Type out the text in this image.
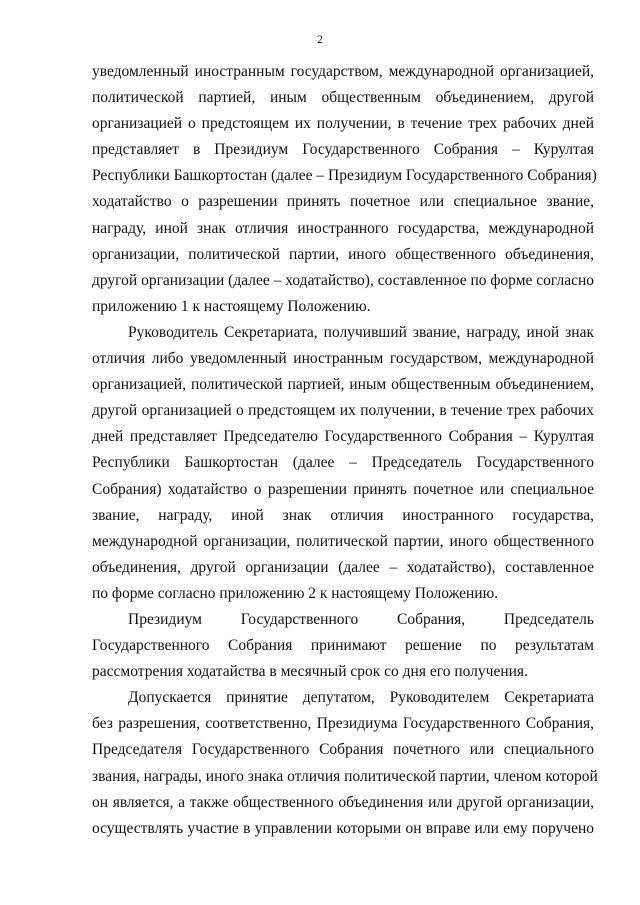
2
уведомленный иностранным государством, международной организацией,
политической партией, иным общественным объединением, другой
организацией о предстоящем их получении, в течение трех рабочих дней
представляет в Президиум Государственного Собрания – Курултая
Республики Башкортостан (далее – Президиум Государственного Собрания)
ходатайство о разрешении принять почетное или специальное звание,
награду, иной знак отличия иностранного государства, международной
организации, политической партии, иного общественного объединения,
другой организации (далее – ходатайство), составленное по форме согласно
приложению 1 к настоящему Положению.
Руководитель Секретариата, получивший звание, награду, иной знак
отличия либо уведомленный иностранным государством, международной
организацией, политической партией, иным общественным объединением,
другой организацией о предстоящем их получении, в течение трех рабочих
дней представляет Председателю Государственного Собрания – Курултая
Республики Башкортостан (далее – Председатель Государственного
Собрания) ходатайство о разрешении принять почетное или специальное
звание, награду, иной знак отличия иностранного государства,
международной организации, политической партии, иного общественного
объединения, другой организации (далее – ходатайство), составленное
по форме согласно приложению 2 к настоящему Положению.
Президиум Государственного Собрания, Председатель
Государственного Собрания принимают решение по результатам
рассмотрения ходатайства в месячный срок со дня его получения.
Допускается принятие депутатом, Руководителем Секретариата
без разрешения, соответственно, Президиума Государственного Собрания,
Председателя Государственного Собрания почетного или специального
звания, награды, иного знака отличия политической партии, членом которой
он является, а также общественного объединения или другой организации,
осуществлять участие в управлении которыми он вправе или ему поручено
